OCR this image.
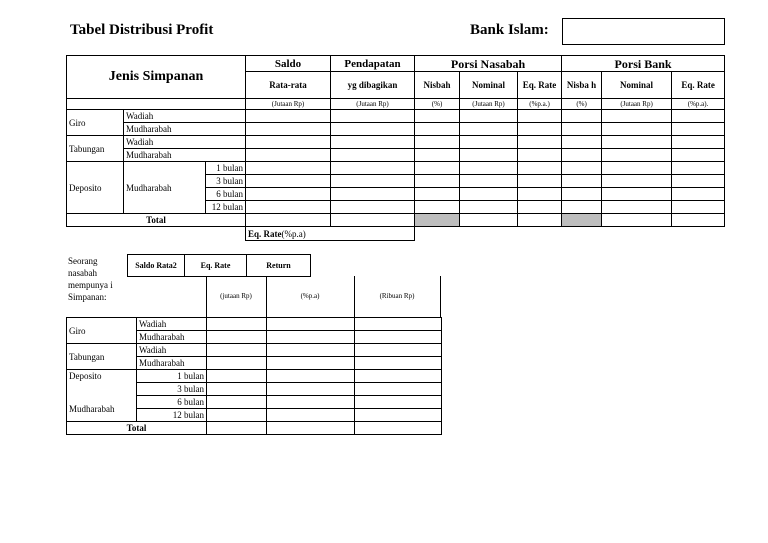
Tabel Distribusi Profit	Bank Islam:
Jenis Simpanan			Saldo	Pendapatan	Porsi Nasabah			Porsi Bank		
			Rata-rata	yg dibagikan	Nisbah	Nominal	Eq. Rate	Nisba h	Nominal	Eq. Rate
			(Jutaan Rp)	(Jutaan Rp)	(%)	(Jutaan Rp)	(%p.a.)	(%)	(Jutaan Rp)	(%p.a).
Giro	Wadiah									
	Mudharabah									
Tabungan	Wadiah									
	Mudharabah									
Deposito	Mudharabah	1 bulan								
		3 bulan								
		6 bulan								
		12 bulan								
Total										
			Eq. Rate(%p.a)							
Seorang nasabah mempunya i Simpanan:
Saldo Rata2	Eq. Rate	Return
(jutaan Rp)	(%p.a)	(Ribuan Rp)
Giro	Wadiah			
	Mudharabah			
Tabungan	Wadiah			
	Mudharabah			
Deposito	1 bulan			
	3 bulan			
	6 bulan			
Mudharabah	12 bulan			
Total				
